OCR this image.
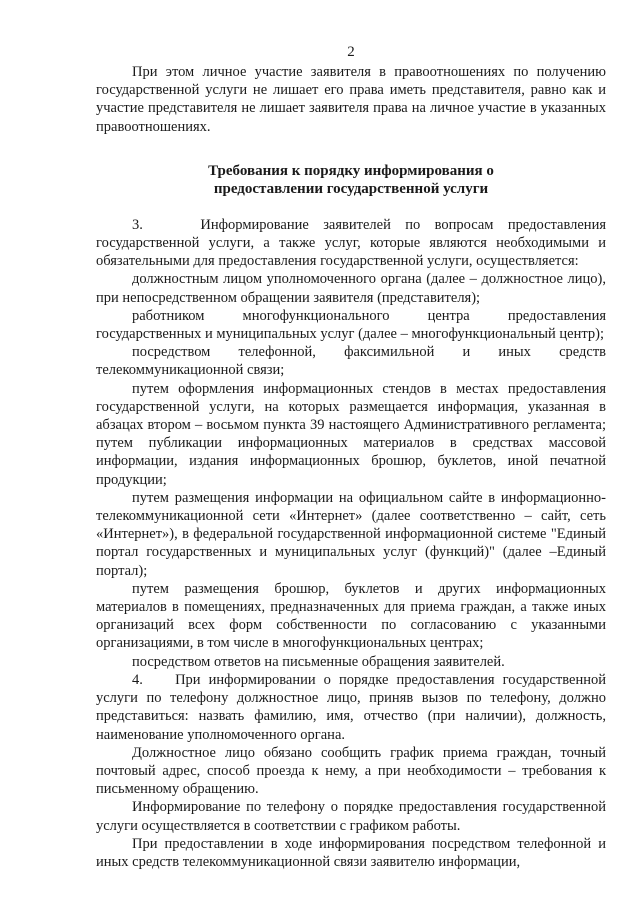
2

При этом личное участие заявителя в правоотношениях по получению государственной услуги не лишает его права иметь представителя, равно как и участие представителя не лишает заявителя права на личное участие в указанных правоотношениях.

Требования к порядку информирования о
предоставлении государственной услуги

3.    Информирование заявителей по вопросам предоставления государственной услуги, а также услуг, которые являются необходимыми и обязательными для предоставления государственной услуги, осуществляется:

должностным лицом уполномоченного органа (далее – должностное лицо), при непосредственном обращении заявителя (представителя);

работником многофункционального центра предоставления государственных и муниципальных услуг (далее – многофункциональный центр);

посредством телефонной, факсимильной и иных средств телекоммуникационной связи;

путем оформления информационных стендов в местах предоставления государственной услуги, на которых размещается информация, указанная в абзацах втором – восьмом пункта 39 настоящего Административного регламента; путем публикации информационных материалов в средствах массовой информации, издания информационных брошюр, буклетов, иной печатной продукции;

путем размещения информации на официальном сайте в информационно- телекоммуникационной сети «Интернет» (далее соответственно – сайт, сеть «Интернет»), в федеральной государственной информационной системе "Единый портал государственных и муниципальных услуг (функций)" (далее –Единый портал);

путем размещения брошюр, буклетов и других информационных материалов в помещениях, предназначенных для приема граждан, а также иных организаций всех форм собственности по согласованию с указанными организациями, в том числе в многофункциональных центрах;

посредством ответов на письменные обращения заявителей.

4.    При информировании о порядке предоставления государственной услуги по телефону должностное лицо, приняв вызов по телефону, должно представиться: назвать фамилию, имя, отчество (при наличии), должность, наименование уполномоченного органа.

Должностное лицо обязано сообщить график приема граждан, точный почтовый адрес, способ проезда к нему, а при необходимости – требования к письменному обращению.

Информирование по телефону о порядке предоставления государственной услуги осуществляется в соответствии с графиком работы.

При предоставлении в ходе информирования посредством телефонной и иных средств телекоммуникационной связи заявителю информации,
